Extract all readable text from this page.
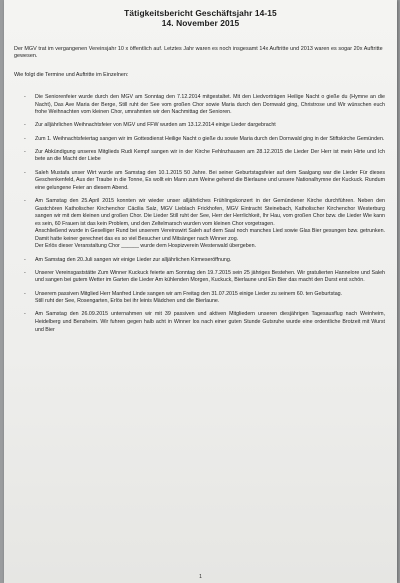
Tätigkeitsbericht Geschäftsjahr 14-15
14. November 2015
Der MGV trat im vergangenen Vereinsjahr 10 x öffentlich auf. Letztes Jahr waren es noch insgesamt 14x Auftritte und 2013 waren es sogar 20x Auftritte gewesen.
Wie folgt die Termine und Auftritte im Einzelnen:
- Die Seniorenfeier wurde durch den MGV am Sonntag den 7.12.2014 mitgestaltet. Mit den Liedvorträgen Heilige Nacht o gieße du (Hymne an die Nacht), Das Ave Maria der Berge, Still ruht der See vom großen Chor sowie Maria durch den Dornwald ging, Christrose und Wir wünschen euch frohe Weihnachten vom kleinen Chor, umrahmten wir den Nachmittag der Senioren.
- Zur alljährlichen Weihnachtsfeier von MGV und FFW wurden am 13.12.2014 einige Lieder dargebracht
- Zum 1. Weihnachtsfeiertag sangen wir im Gottesdienst Heilige Nacht o gieße du sowie Maria durch den Dornwald ging in der Stiftskirche Gemünden.
- Zur Abkündigung unseres Mitglieds Rudi Kempf sangen wir in der Kirche Fehlnzhausen am 28.12.2015 die Lieder Der Herr ist mein Hirte und Ich bete an die Macht der Liebe
- Saleh Mustafa unser Wirt wurde am Samstag den 10.1.2015 50 Jahre. Bei seiner Geburtstagsfeier auf dem Saalgang war die Lieder Für dieses Geschenkenfeld, Aus der Traube in die Tonne, Es wollt ein Mann zum Weine gehend die Bierlaune und unsere Nationalhymne der Kuckuck. Rundum eine gelungene Feier an diesem Abend.
- Am Samstag den 25.April 2015 konnten wir wieder unser alljährliches Frühlingskonzert in der Gemündener Kirche durchführen. Neben den Gastchören Katholischer Kirchenchor Cäcilia Salz, MGV Lieblach Frickhofen, MGV Eintracht Steinebach, Katholischer Kirchenchor Westerburg sangen wir mit dem kleinen und großen Chor. Die Lieder Still ruht der See, Herr der Herrlichkeit, Ihr Hau, vom großen Chor bzw. die Lieder Wie kann es sein, 60 Frauen ist das kein Problem, und den Zeltelmarsch wurden vom kleinen Chor vorgetragen.
Anschließend wurde in Geselliger Rund bei unserem Vereinswirt Saleh auf dem Saal noch manches Lied sowie Glas Bier gesungen bzw. getrunken. Damit hatte keiner gerechnet das es so viel Besucher und Mitsänger nach Winner zog.
Der Erlös dieser Veranstaltung Chor ______ wurde dem Hospizverein Westerwald übergeben.
- Am Samstag den 20.Juli sangen wir einige Lieder zur alljährlichen Kirmeseröffnung.
- Unserer Vereinsgaststätte Zum Winner Kuckuck feierte am Sonntag den 19.7.2015 sein 25 jähriges Bestehen. Wir gratulierten Hannelore und Saleh und sangen bei gutem Wetter im Garten die Lieder Am kühlenden Morgen, Kuckuck, Bierlaune und Ein Bier das macht den Durst erst schön.
- Unserem passiven Mitglied Herr Manfred Linde sangen wir am Freitag den 31.07.2015 einige Lieder zu seinem 60. ten Geburtstag.
Still ruht der See, Rosengarten, Erlös bei ihr leinis Mädchen und die Bierlaune.
- Am Samstag den 26.09.2015 unternahmen wir mit 39 passiven und aktiven Mitgliedern unseren diesjährigen Tagesausflug nach Weinheim, Heidelberg und Bensheim. Wir fuhren gegen halb acht in Winner los nach einer guten Stunde Gutsruhe wurde eine ordentliche Brotzeit mit Wurst und Bier
1
